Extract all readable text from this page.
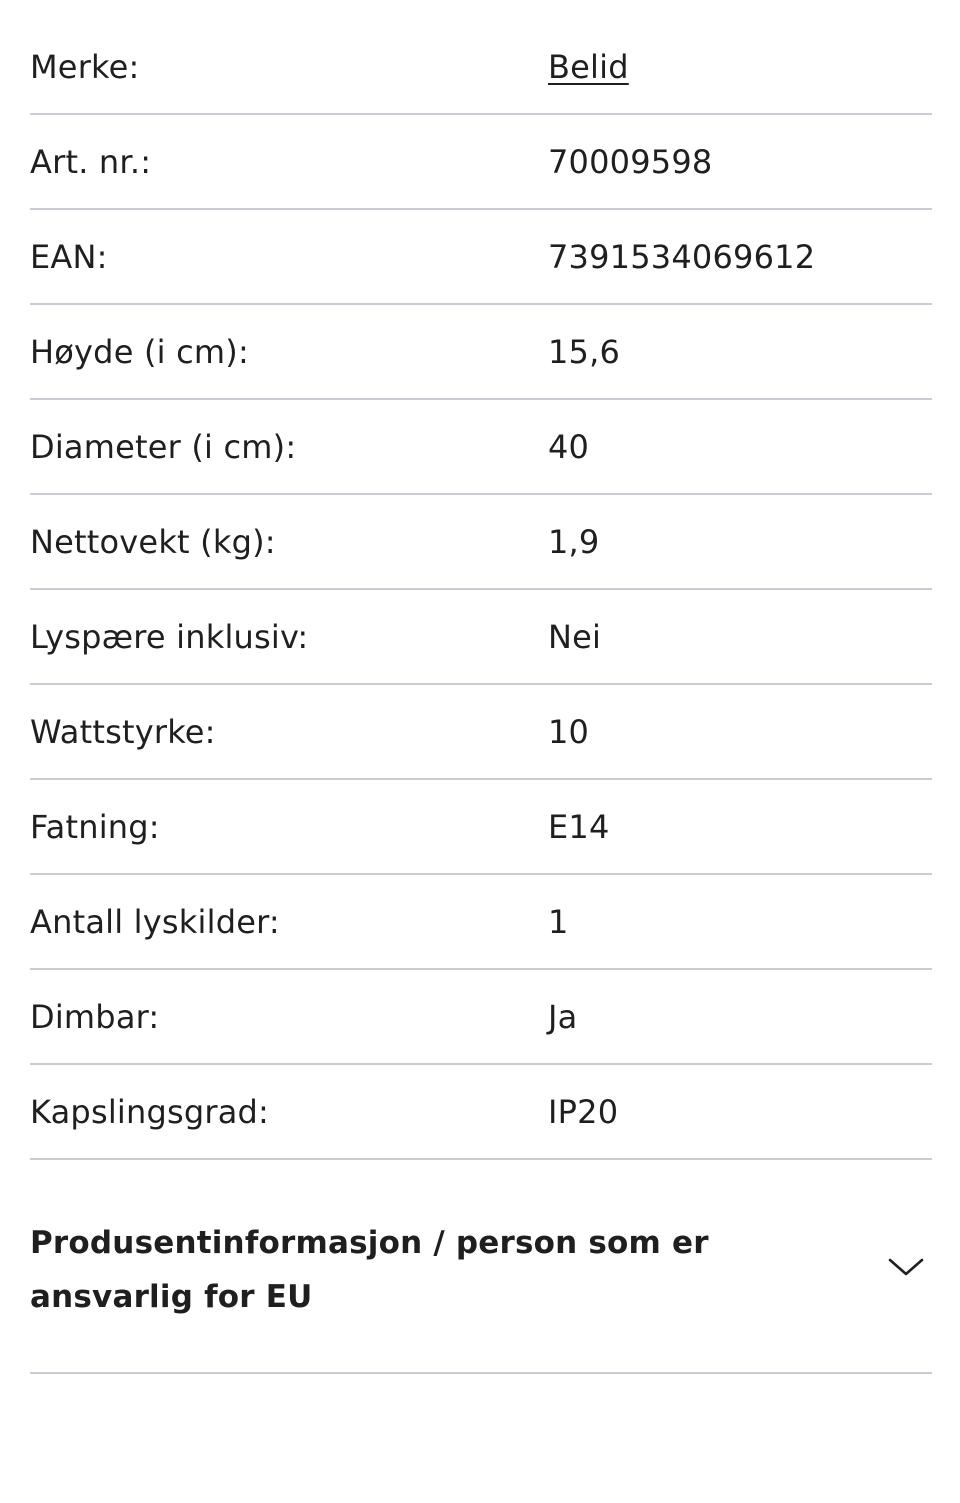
Merke:	Belid
Art. nr.:	70009598
EAN:	7391534069612
Høyde (i cm):	15,6
Diameter (i cm):	40
Nettovekt (kg):	1,9
Lyspære inklusiv:	Nei
Wattstyrke:	10
Fatning:	E14
Antall lyskilder:	1
Dimbar:	Ja
Kapslingsgrad:	IP20
Produsentinformasjon / person som er ansvarlig for EU
